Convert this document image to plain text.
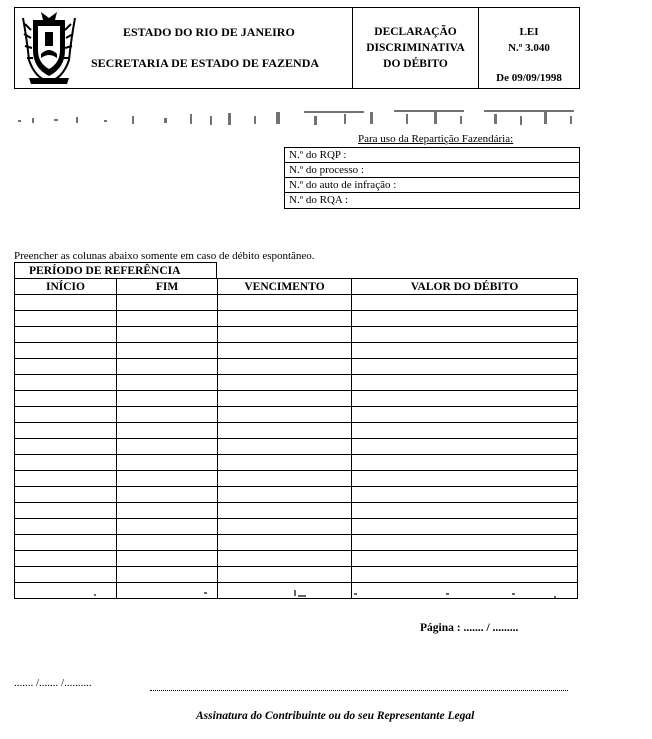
ESTADO DO RIO DE JANEIRO
SECRETARIA DE ESTADO DE FAZENDA
DECLARAÇÃO
DISCRIMINATIVA
DO DÉBITO
LEI
N.º 3.040
De 09/09/1998
Para uso da Repartição Fazendária:
N.º do RQP :
N.º do processo :
N.º do auto de infração :
N.º do RQA :
Preencher as colunas abaixo somente em caso de débito espontâneo.
PERÍODO DE REFERÊNCIA
INÍCIO	FIM	VENCIMENTO	VALOR DO DÉBITO

Página : ....... / .........
....... /....... /..........
Assinatura do Contribuinte ou do seu Representante Legal
